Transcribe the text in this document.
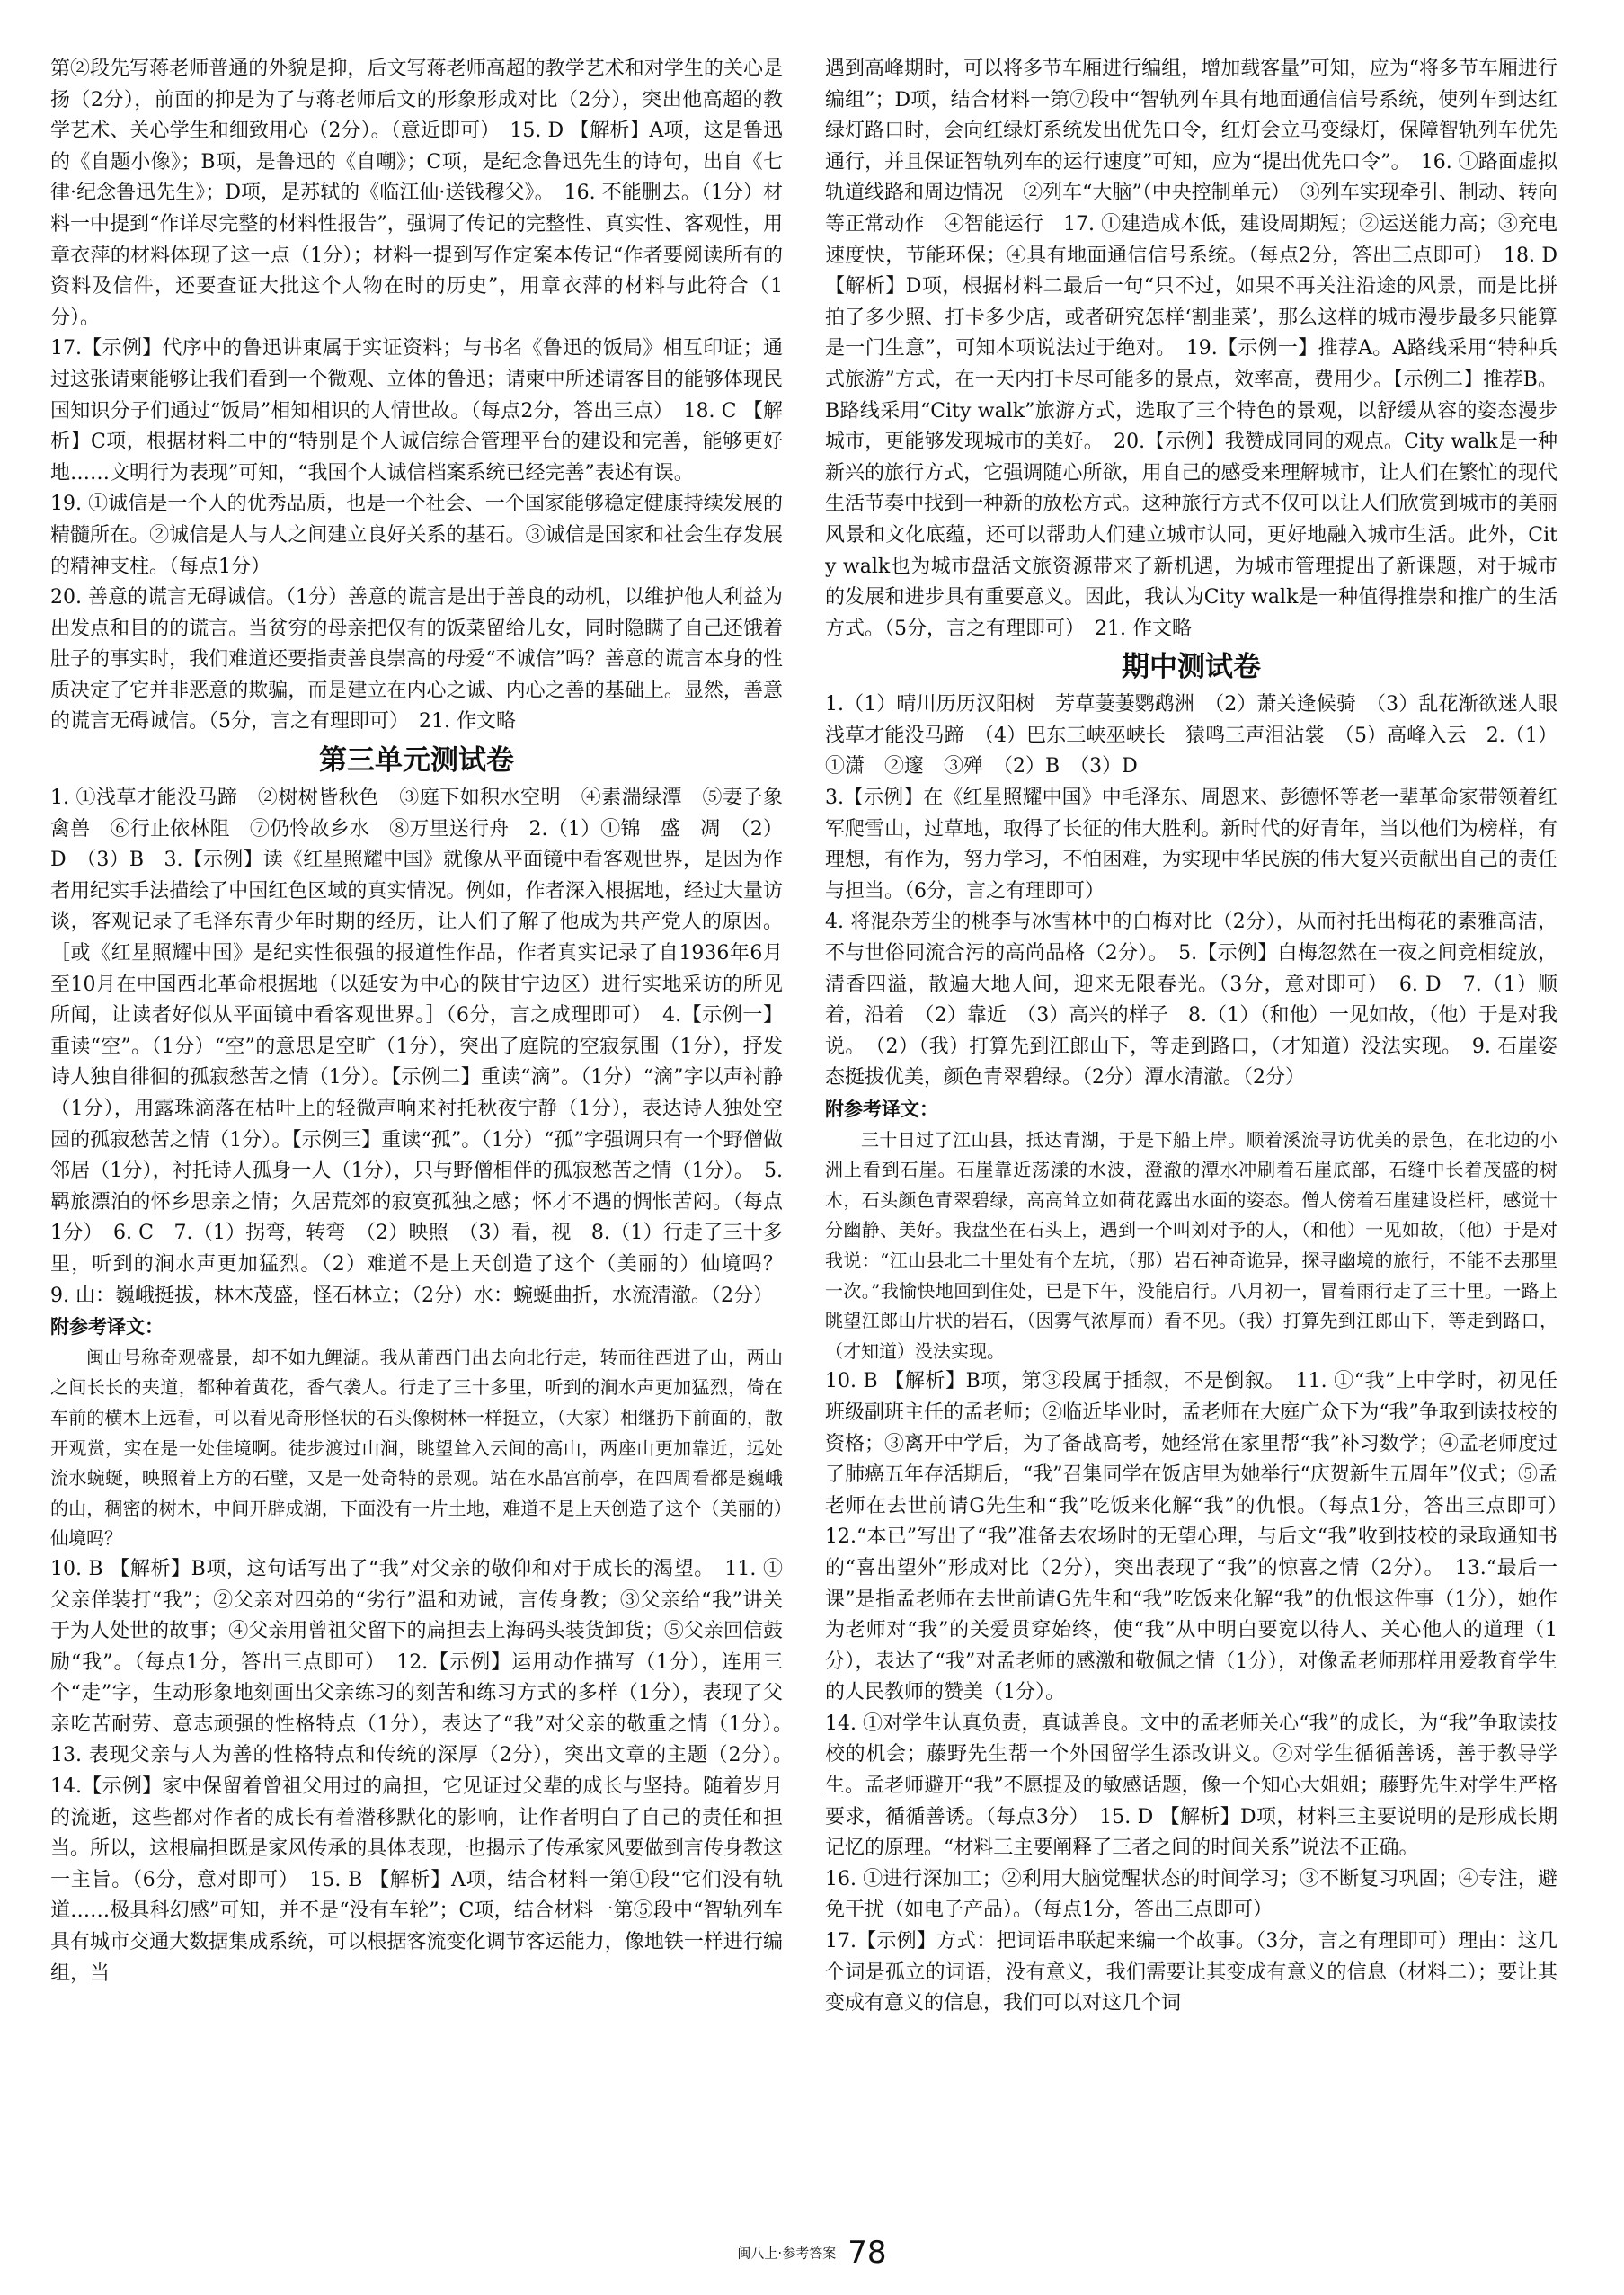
第②段先写蒋老师普通的外貌是抑，后文写蒋老师高超的教学艺术和对学生的关心是扬（2分），前面的抑是为了与蒋老师后文的形象形成对比（2分），突出他高超的教学艺术、关心学生和细致用心（2分）。（意近即可）　15. D 【解析】A项，这是鲁迅的《自题小像》；B项，是鲁迅的《自嘲》；C项，是纪念鲁迅先生的诗句，出自《七律·纪念鲁迅先生》；D项，是苏轼的《临江仙·送钱穆父》。　16. 不能删去。（1分）材料一中提到“作详尽完整的材料性报告”，强调了传记的完整性、真实性、客观性，用章衣萍的材料体现了这一点（1分）；材料一提到写作定案本传记“作者要阅读所有的资料及信件，还要查证大批这个人物在时的历史”，用章衣萍的材料与此符合（1分）。

17.【示例】代序中的鲁迅讲東属于实证资料；与书名《鲁迅的饭局》相互印证；通过这张请柬能够让我们看到一个微观、立体的鲁迅；请柬中所述请客目的能够体现民国知识分子们通过“饭局”相知相识的人情世故。（每点2分，答出三点）　18. C 【解析】C项，根据材料二中的“特别是个人诚信综合管理平台的建设和完善，能够更好地……文明行为表现”可知，“我国个人诚信档案系统已经完善”表述有误。

19. ①诚信是一个人的优秀品质，也是一个社会、一个国家能够稳定健康持续发展的精髓所在。②诚信是人与人之间建立良好关系的基石。③诚信是国家和社会生存发展的精神支柱。（每点1分）

20. 善意的谎言无碍诚信。（1分）善意的谎言是出于善良的动机，以维护他人利益为出发点和目的的谎言。当贫穷的母亲把仅有的饭菜留给儿女，同时隐瞒了自己还饿着肚子的事实时，我们难道还要指责善良崇高的母爱“不诚信”吗？善意的谎言本身的性质决定了它并非恶意的欺骗，而是建立在内心之诚、内心之善的基础上。显然，善意的谎言无碍诚信。（5分，言之有理即可）　21. 作文略

第三单元测试卷

1. ①浅草才能没马蹄　②树树皆秋色　③庭下如积水空明　④素湍绿潭　⑤妻子象禽兽　⑥行止依林阻　⑦仍怜故乡水　⑧万里送行舟　2.（1）①锦　盛　凋　（2）D　（3）B　3.【示例】读《红星照耀中国》就像从平面镜中看客观世界，是因为作者用纪实手法描绘了中国红色区域的真实情况。例如，作者深入根据地，经过大量访谈，客观记录了毛泽东青少年时期的经历，让人们了解了他成为共产党人的原因。［或《红星照耀中国》是纪实性很强的报道性作品，作者真实记录了自1936年6月至10月在中国西北革命根据地（以延安为中心的陕甘宁边区）进行实地采访的所见所闻，让读者好似从平面镜中看客观世界。］（6分，言之成理即可）　4.【示例一】重读“空”。（1分）“空”的意思是空旷（1分），突出了庭院的空寂氛围（1分），抒发诗人独自徘徊的孤寂愁苦之情（1分）。【示例二】重读“滴”。（1分）“滴”字以声衬静（1分），用露珠滴落在枯叶上的轻微声响来衬托秋夜宁静（1分），表达诗人独处空园的孤寂愁苦之情（1分）。【示例三】重读“孤”。（1分）“孤”字强调只有一个野僧做邻居（1分），衬托诗人孤身一人（1分），只与野僧相伴的孤寂愁苦之情（1分）。　5. 羁旅漂泊的怀乡思亲之情；久居荒郊的寂寞孤独之感；怀才不遇的惆怅苦闷。（每点1分）　6. C　7.（1）拐弯，转弯　（2）映照　（3）看，视　8.（1）行走了三十多里，听到的涧水声更加猛烈。（2）难道不是上天创造了这个（美丽的）仙境吗？　9. 山：巍峨挺拔，林木茂盛，怪石林立；（2分）水：蜿蜒曲折，水流清澈。（2分）

附参考译文：

闽山号称奇观盛景，却不如九鲤湖。我从莆西门出去向北行走，转而往西进了山，两山之间长长的夹道，都种着黄花，香气袭人。行走了三十多里，听到的涧水声更加猛烈，倚在车前的横木上远看，可以看见奇形怪状的石头像树林一样挺立，（大家）相继扔下前面的，散开观赏，实在是一处佳境啊。徒步渡过山涧，眺望耸入云间的高山，两座山更加靠近，远处流水蜿蜒，映照着上方的石壁，又是一处奇特的景观。站在水晶宫前亭，在四周看都是巍峨的山，稠密的树木，中间开辟成湖，下面没有一片土地，难道不是上天创造了这个（美丽的）仙境吗？

10. B 【解析】B项，这句话写出了“我”对父亲的敬仰和对于成长的渴望。　11. ①父亲佯装打“我”；②父亲对四弟的“劣行”温和劝诫，言传身教；③父亲给“我”讲关于为人处世的故事；④父亲用曾祖父留下的扁担去上海码头装货卸货；⑤父亲回信鼓励“我”。（每点1分，答出三点即可）　12.【示例】运用动作描写（1分），连用三个“走”字，生动形象地刻画出父亲练习的刻苦和练习方式的多样（1分），表现了父亲吃苦耐劳、意志顽强的性格特点（1分），表达了“我”对父亲的敬重之情（1分）。　13. 表现父亲与人为善的性格特点和传统的深厚（2分），突出文章的主题（2分）。　14.【示例】家中保留着曾祖父用过的扁担，它见证过父辈的成长与坚持。随着岁月的流逝，这些都对作者的成长有着潜移默化的影响，让作者明白了自己的责任和担当。所以，这根扁担既是家风传承的具体表现，也揭示了传承家风要做到言传身教这一主旨。（6分，意对即可）　15. B 【解析】A项，结合材料一第①段“它们没有轨道……极具科幻感”可知，并不是“没有车轮”；C项，结合材料一第⑤段中“智轨列车具有城市交通大数据集成系统，可以根据客流变化调节客运能力，像地铁一样进行编组，当

遇到高峰期时，可以将多节车厢进行编组，增加载客量”可知，应为“将多节车厢进行编组”；D项，结合材料一第⑦段中“智轨列车具有地面通信信号系统，使列车到达红绿灯路口时，会向红绿灯系统发出优先口令，红灯会立马变绿灯，保障智轨列车优先通行，并且保证智轨列车的运行速度”可知，应为“提出优先口令”。　16. ①路面虚拟轨道线路和周边情况　②列车“大脑”（中央控制单元）　③列车实现牵引、制动、转向等正常动作　④智能运行　17. ①建造成本低，建设周期短；②运送能力高；③充电速度快，节能环保；④具有地面通信信号系统。（每点2分，答出三点即可）　18. D 【解析】D项，根据材料二最后一句“只不过，如果不再关注沿途的风景，而是比拼拍了多少照、打卡多少店，或者研究怎样‘割韭菜’，那么这样的城市漫步最多只能算是一门生意”，可知本项说法过于绝对。　19.【示例一】推荐A。A路线采用“特种兵式旅游”方式，在一天内打卡尽可能多的景点，效率高，费用少。【示例二】推荐B。B路线采用“City walk”旅游方式，选取了三个特色的景观，以舒缓从容的姿态漫步城市，更能够发现城市的美好。　20.【示例】我赞成同同的观点。City walk是一种新兴的旅行方式，它强调随心所欲，用自己的感受来理解城市，让人们在繁忙的现代生活节奏中找到一种新的放松方式。这种旅行方式不仅可以让人们欣赏到城市的美丽风景和文化底蕴，还可以帮助人们建立城市认同，更好地融入城市生活。此外，City walk也为城市盘活文旅资源带来了新机遇，为城市管理提出了新课题，对于城市的发展和进步具有重要意义。因此，我认为City walk是一种值得推崇和推广的生活方式。（5分，言之有理即可）　21. 作文略

期中测试卷

1.（1）晴川历历汉阳树　芳草萋萋鹦鹉洲　（2）萧关逢候骑　（3）乱花渐欲迷人眼　浅草才能没马蹄　（4）巴东三峡巫峡长　猿鸣三声泪沾裳　（5）高峰入云　2.（1）①潇　②邃　③殚　（2）B　（3）D

3.【示例】在《红星照耀中国》中毛泽东、周恩来、彭德怀等老一辈革命家带领着红军爬雪山，过草地，取得了长征的伟大胜利。新时代的好青年，当以他们为榜样，有理想，有作为，努力学习，不怕困难，为实现中华民族的伟大复兴贡献出自己的责任与担当。（6分，言之有理即可）

4. 将混杂芳尘的桃李与冰雪林中的白梅对比（2分），从而衬托出梅花的素雅高洁，不与世俗同流合污的高尚品格（2分）。　5.【示例】白梅忽然在一夜之间竞相绽放，清香四溢，散遍大地人间，迎来无限春光。（3分，意对即可）　6. D　7.（1）顺着，沿着　（2）靠近　（3）高兴的样子　8.（1）（和他）一见如故，（他）于是对我说。　（2）（我）打算先到江郎山下，等走到路口，（才知道）没法实现。　9. 石崖姿态挺拔优美，颜色青翠碧绿。（2分）潭水清澈。（2分）

附参考译文：

三十日过了江山县，抵达青湖，于是下船上岸。顺着溪流寻访优美的景色，在北边的小洲上看到石崖。石崖靠近荡漾的水波，澄澈的潭水冲刷着石崖底部，石缝中长着茂盛的树木，石头颜色青翠碧绿，高高耸立如荷花露出水面的姿态。僧人傍着石崖建设栏杆，感觉十分幽静、美好。我盘坐在石头上，遇到一个叫刘对予的人，（和他）一见如故，（他）于是对我说：“江山县北二十里处有个左坑，（那）岩石神奇诡异，探寻幽境的旅行，不能不去那里一次。”我愉快地回到住处，已是下午，没能启行。八月初一，冒着雨行走了三十里。一路上眺望江郎山片状的岩石，（因雾气浓厚而）看不见。（我）打算先到江郎山下，等走到路口，（才知道）没法实现。

10. B 【解析】B项，第③段属于插叙，不是倒叙。　11. ①“我”上中学时，初见任班级副班主任的孟老师；②临近毕业时，孟老师在大庭广众下为“我”争取到读技校的资格；③离开中学后，为了备战高考，她经常在家里帮“我”补习数学；④孟老师度过了肺癌五年存活期后，“我”召集同学在饭店里为她举行“庆贺新生五周年”仪式；⑤孟老师在去世前请G先生和“我”吃饭来化解“我”的仇恨。（每点1分，答出三点即可）　12.“本已”写出了“我”准备去农场时的无望心理，与后文“我”收到技校的录取通知书的“喜出望外”形成对比（2分），突出表现了“我”的惊喜之情（2分）。　13.“最后一课”是指孟老师在去世前请G先生和“我”吃饭来化解“我”的仇恨这件事（1分），她作为老师对“我”的关爱贯穿始终，使“我”从中明白要宽以待人、关心他人的道理（1分），表达了“我”对孟老师的感激和敬佩之情（1分），对像孟老师那样用爱教育学生的人民教师的赞美（1分）。

14. ①对学生认真负责，真诚善良。文中的孟老师关心“我”的成长，为“我”争取读技校的机会；藤野先生帮一个外国留学生添改讲义。②对学生循循善诱，善于教导学生。孟老师避开“我”不愿提及的敏感话题，像一个知心大姐姐；藤野先生对学生严格要求，循循善诱。（每点3分）　15. D 【解析】D项，材料三主要说明的是形成长期记忆的原理。“材料三主要阐释了三者之间的时间关系”说法不正确。

16. ①进行深加工；②利用大脑觉醒状态的时间学习；③不断复习巩固；④专注，避免干扰（如电子产品）。（每点1分，答出三点即可）

17.【示例】方式：把词语串联起来编一个故事。（3分，言之有理即可）理由：这几个词是孤立的词语，没有意义，我们需要让其变成有意义的信息（材料二）；要让其变成有意义的信息，我们可以对这几个词

闽八上·参考答案 78
